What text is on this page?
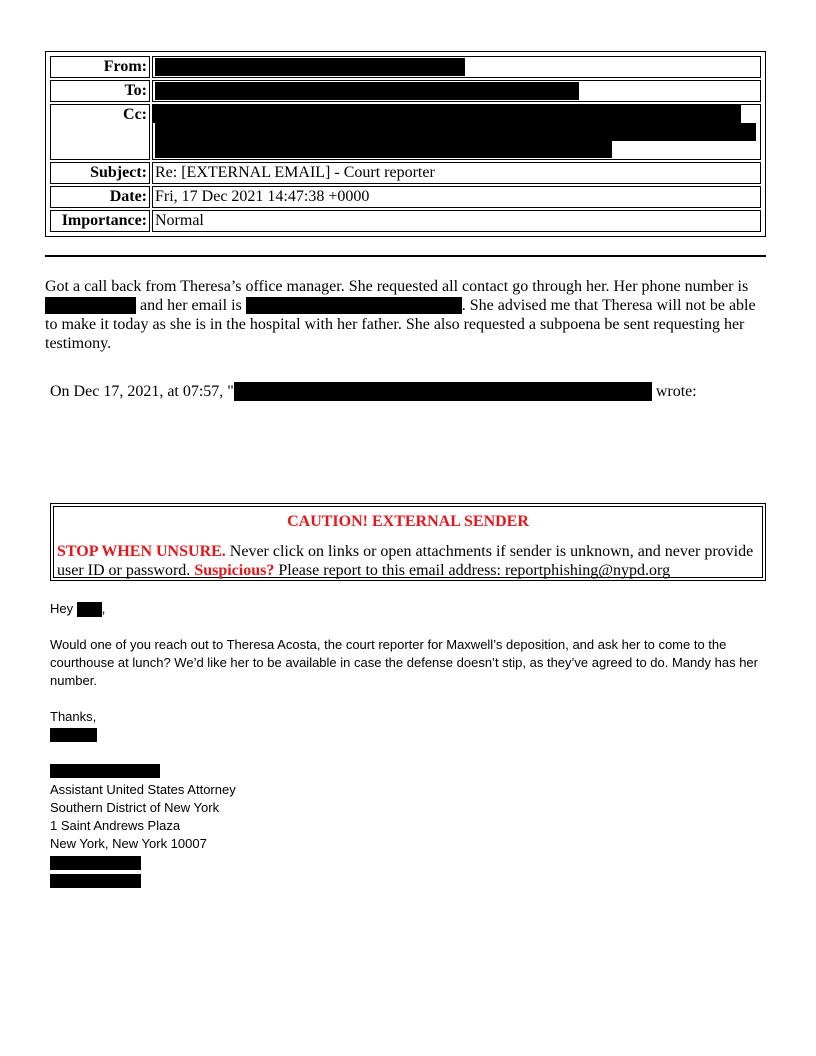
From:	
To:	
Cc:	

Subject:	Re: [EXTERNAL EMAIL] - Court reporter
Date:	Fri, 17 Dec 2021 14:47:38 +0000
Importance:	Normal
Got a call back from Theresa’s office manager. She requested all contact go through her. Her phone number is
and her email is	. She advised me that Theresa will not be able
to make it today as she is in the hospital with her father. She also requested a subpoena be sent requesting her
testimony.
On Dec 17, 2021, at 07:57, "	wrote:
CAUTION! EXTERNAL SENDER
STOP WHEN UNSURE. Never click on links or open attachments if sender is unknown, and never provide user ID or password. Suspicious? Please report to this email address: reportphishing@nypd.org
Hey ,
Would one of you reach out to Theresa Acosta, the court reporter for Maxwell’s deposition, and ask her to come to the courthouse at lunch? We’d like her to be available in case the defense doesn’t stip, as they’ve agreed to do. Mandy has her number.
Thanks,
Assistant United States Attorney
Southern District of New York
1 Saint Andrews Plaza
New York, New York 10007
